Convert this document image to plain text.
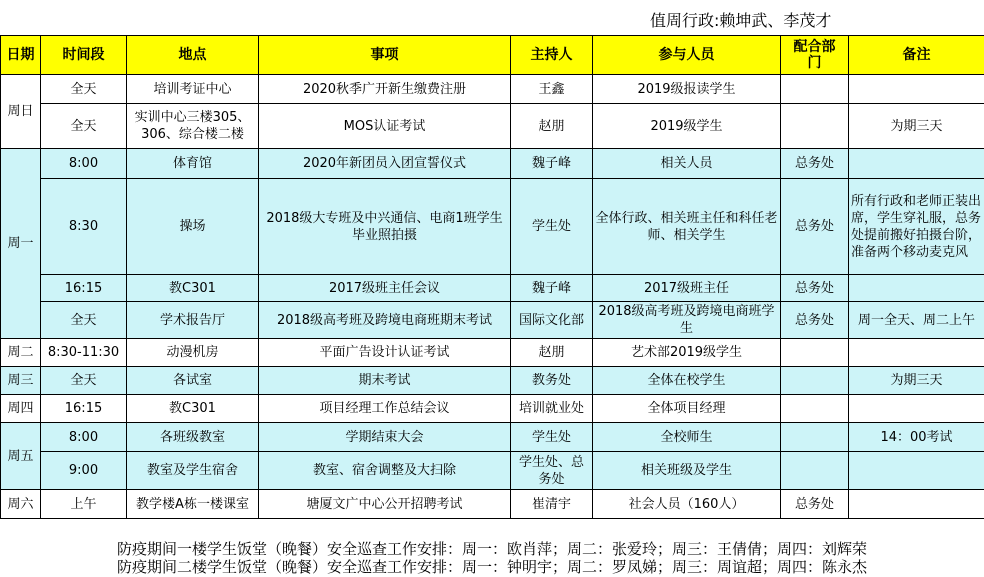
值周行政:赖坤武、李茂才
日期	时间段	地点	事项	主持人	参与人员	配合部门	备注
周日	全天	培训考证中心	2020秋季广开新生缴费注册	王鑫	2019级报读学生		
	全天	实训中心三楼305、306、综合楼二楼	MOS认证考试	赵朋	2019级学生		为期三天
周一	8:00	体育馆	2020年新团员入团宣誓仪式	魏子峰	相关人员	总务处	
	8:30	操场	2018级大专班及中兴通信、电商1班学生毕业照拍摄	学生处	全体行政、相关班主任和科任老师、相关学生	总务处	所有行政和老师正装出席，学生穿礼服，总务处提前搬好拍摄台阶，准备两个移动麦克风
	16:15	教C301	2017级班主任会议	魏子峰	2017级班主任	总务处	
	全天	学术报告厅	2018级高考班及跨境电商班期末考试	国际文化部	2018级高考班及跨境电商班学生	总务处	周一全天、周二上午
周二	8:30-11:30	动漫机房	平面广告设计认证考试	赵朋	艺术部2019级学生		
周三	全天	各试室	期末考试	教务处	全体在校学生		为期三天
周四	16:15	教C301	项目经理工作总结会议	培训就业处	全体项目经理		
周五	8:00	各班级教室	学期结束大会	学生处	全校师生		14：00考试
	9:00	教室及学生宿舍	教室、宿舍调整及大扫除	学生处、总务处	相关班级及学生		
周六	上午	教学楼A栋一楼课室	塘厦文广中心公开招聘考试	崔清宇	社会人员（160人）	总务处	
防疫期间一楼学生饭堂（晚餐）安全巡查工作安排：周一：欧肖萍；周二：张爱玲；周三：王倩倩；周四：刘辉荣
防疫期间二楼学生饭堂（晚餐）安全巡查工作安排：周一：钟明宇；周二：罗凤娣；周三：周谊超；周四：陈永杰
